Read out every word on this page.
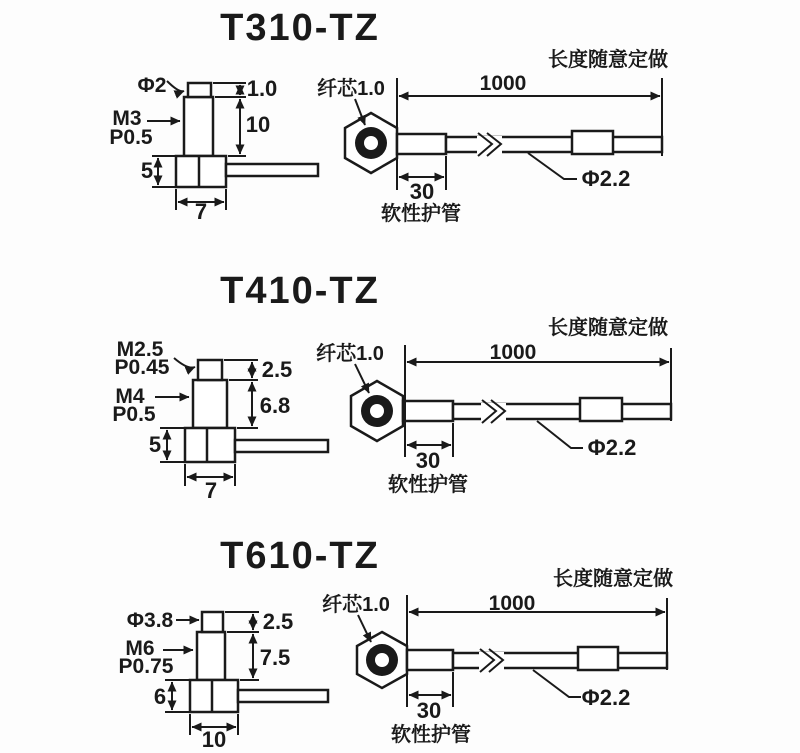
T310-TZ
Φ2
M3
P0.5
1.0
10
5
7
长度随意定做
1000
纤芯1.0
30
软性护管
Φ2.2
T410-TZ
M2.5
P0.45
M4
P0.5
2.5
6.8
5
7
长度随意定做
1000
纤芯1.0
30
软性护管
Φ2.2
T610-TZ
Φ3.8
M6
P0.75
2.5
7.5
6
10
长度随意定做
1000
纤芯1.0
30
软性护管
Φ2.2
